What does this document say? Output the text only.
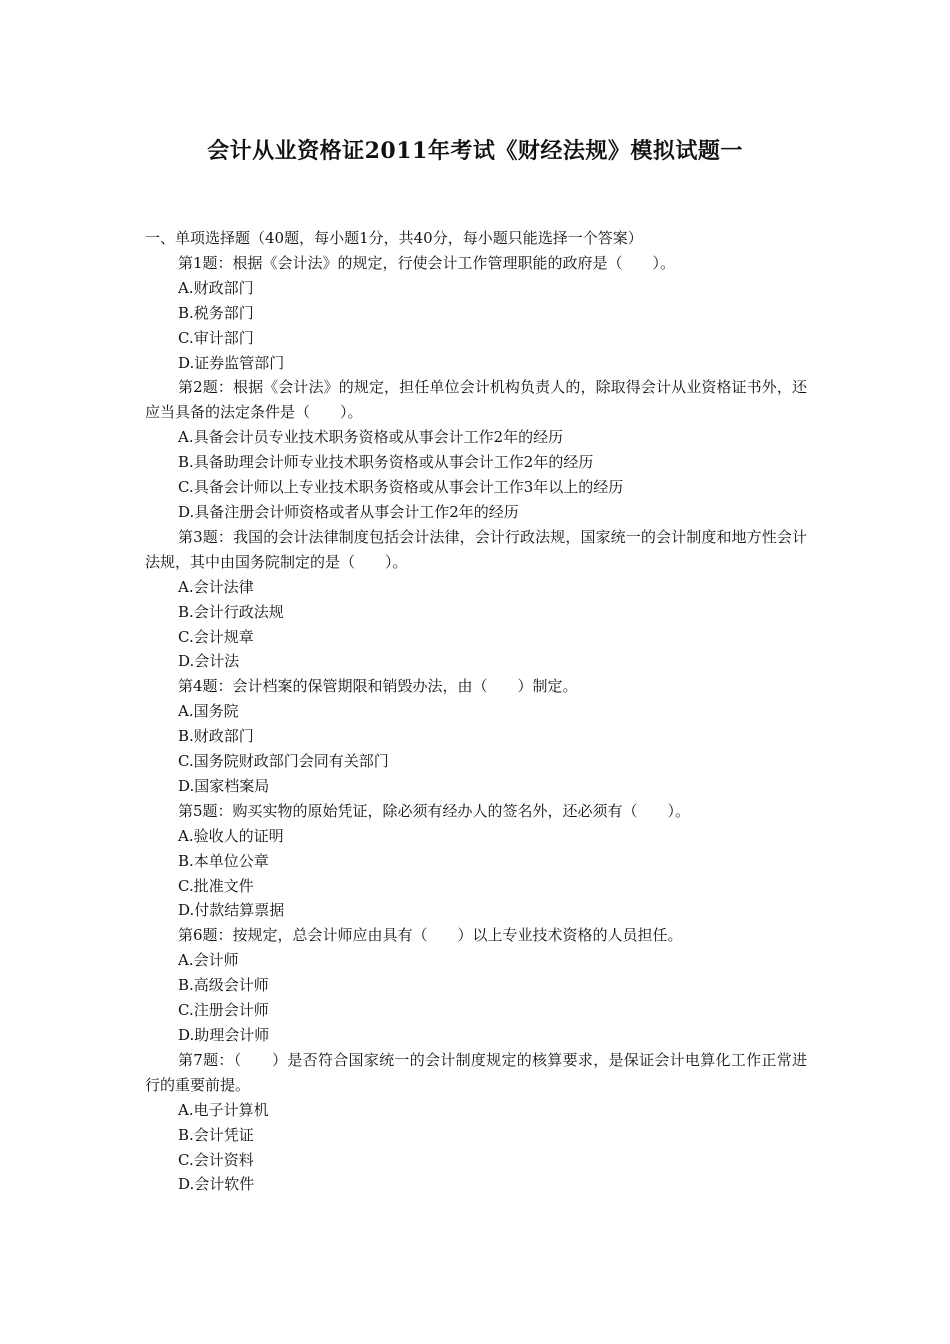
会计从业资格证2011年考试《财经法规》模拟试题一

一、单项选择题（40题，每小题1分，共40分，每小题只能选择一个答案）

第1题：根据《会计法》的规定，行使会计工作管理职能的政府是（　　）。

A.财政部门
B.税务部门
C.审计部门
D.证券监管部门

第2题：根据《会计法》的规定，担任单位会计机构负责人的，除取得会计从业资格证书外，还应当具备的法定条件是（　　）。

A.具备会计员专业技术职务资格或从事会计工作2年的经历
B.具备助理会计师专业技术职务资格或从事会计工作2年的经历
C.具备会计师以上专业技术职务资格或从事会计工作3年以上的经历
D.具备注册会计师资格或者从事会计工作2年的经历

第3题：我国的会计法律制度包括会计法律，会计行政法规，国家统一的会计制度和地方性会计法规，其中由国务院制定的是（　　）。

A.会计法律
B.会计行政法规
C.会计规章
D.会计法

第4题：会计档案的保管期限和销毁办法，由（　　）制定。

A.国务院
B.财政部门
C.国务院财政部门会同有关部门
D.国家档案局

第5题：购买实物的原始凭证，除必须有经办人的签名外，还必须有（　　）。

A.验收人的证明
B.本单位公章
C.批准文件
D.付款结算票据

第6题：按规定，总会计师应由具有（　　）以上专业技术资格的人员担任。

A.会计师
B.高级会计师
C.注册会计师
D.助理会计师

第7题：（　　）是否符合国家统一的会计制度规定的核算要求，是保证会计电算化工作正常进行的重要前提。

A.电子计算机
B.会计凭证
C.会计资料
D.会计软件
